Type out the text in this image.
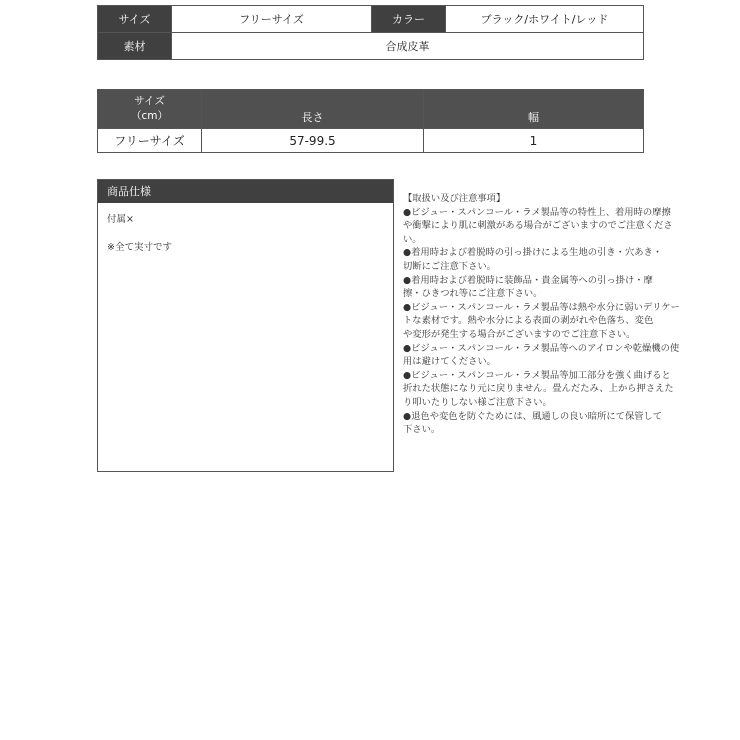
サイズ	フリーサイズ	カラー	ブラック/ホワイト/レッド
素材	合成皮革		
サイズ
（cm）	長さ	幅
フリーサイズ	57-99.5	1
商品仕様
付属×
※全て実寸です
【取扱い及び注意事項】
●ビジュー・スパンコール・ラメ製品等の特性上、着用時の摩擦
や衝撃により肌に刺激がある場合がございますのでご注意くださ
い。
●着用時および着脱時の引っ掛けによる生地の引き・穴あき・
切断にご注意下さい。
●着用時および着脱時に装飾品・貴金属等への引っ掛け・摩
擦・ひきつれ等にご注意下さい。
●ビジュー・スパンコール・ラメ製品等は熱や水分に弱いデリケー
トな素材です。熱や水分による表面の剥がれや色落ち、変色
や変形が発生する場合がございますのでご注意下さい。
●ビジュー・スパンコール・ラメ製品等へのアイロンや乾燥機の使
用は避けてください。
●ビジュー・スパンコール・ラメ製品等加工部分を強く曲げると
折れた状態になり元に戻りません。畳んだたみ、上から押さえた
り叩いたりしない様ご注意下さい。
●退色や変色を防ぐためには、風通しの良い暗所にて保管して
下さい。
